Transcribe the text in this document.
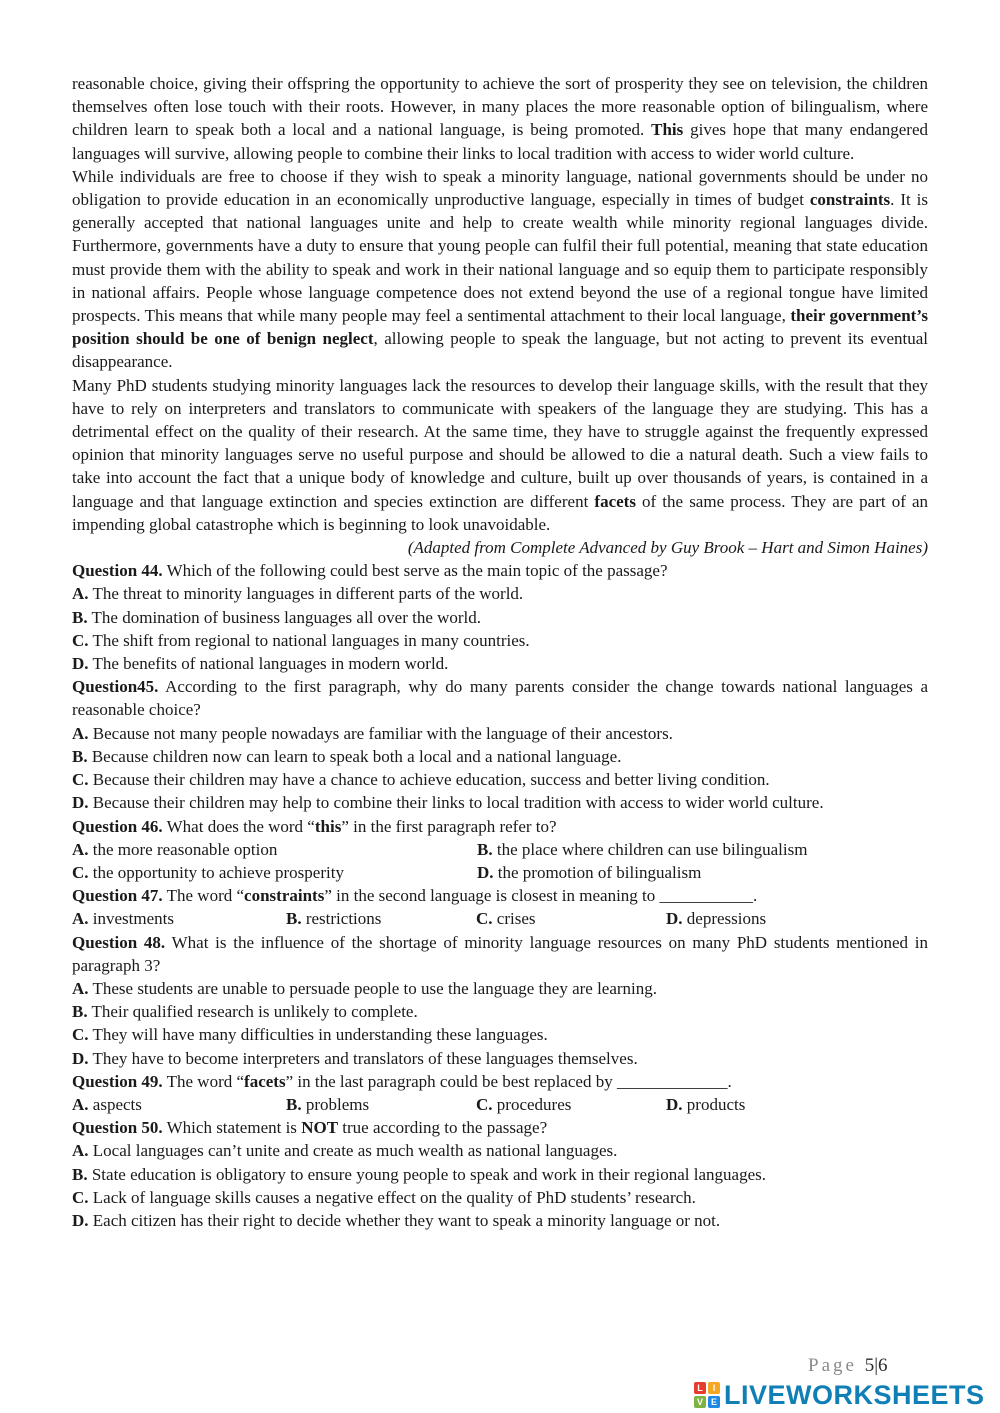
reasonable choice, giving their offspring the opportunity to achieve the sort of prosperity they see on television, the children themselves often lose touch with their roots. However, in many places the more reasonable option of bilingualism, where children learn to speak both a local and a national language, is being promoted. This gives hope that many endangered languages will survive, allowing people to combine their links to local tradition with access to wider world culture.

While individuals are free to choose if they wish to speak a minority language, national governments should be under no obligation to provide education in an economically unproductive language, especially in times of budget constraints. It is generally accepted that national languages unite and help to create wealth while minority regional languages divide. Furthermore, governments have a duty to ensure that young people can fulfil their full potential, meaning that state education must provide them with the ability to speak and work in their national language and so equip them to participate responsibly in national affairs. People whose language competence does not extend beyond the use of a regional tongue have limited prospects. This means that while many people may feel a sentimental attachment to their local language, their government’s position should be one of benign neglect, allowing people to speak the language, but not acting to prevent its eventual disappearance.

Many PhD students studying minority languages lack the resources to develop their language skills, with the result that they have to rely on interpreters and translators to communicate with speakers of the language they are studying. This has a detrimental effect on the quality of their research. At the same time, they have to struggle against the frequently expressed opinion that minority languages serve no useful purpose and should be allowed to die a natural death. Such a view fails to take into account the fact that a unique body of knowledge and culture, built up over thousands of years, is contained in a language and that language extinction and species extinction are different facets of the same process. They are part of an impending global catastrophe which is beginning to look unavoidable.

(Adapted from Complete Advanced by Guy Brook – Hart and Simon Haines)

Question 44. Which of the following could best serve as the main topic of the passage?

A. The threat to minority languages in different parts of the world.

B. The domination of business languages all over the world.

C. The shift from regional to national languages in many countries.

D. The benefits of national languages in modern world.

Question45. According to the first paragraph, why do many parents consider the change towards national languages a reasonable choice?

A. Because not many people nowadays are familiar with the language of their ancestors.

B. Because children now can learn to speak both a local and a national language.

C. Because their children may have a chance to achieve education, success and better living condition.

D. Because their children may help to combine their links to local tradition with access to wider world culture.

Question 46. What does the word “this” in the first paragraph refer to?

A. the more reasonable option	B. the place where children can use bilingualism

C. the opportunity to achieve prosperity	D. the promotion of bilingualism

Question 47. The word “constraints” in the second language is closest in meaning to ___________.

A. investments	B. restrictions	C. crises	D. depressions

Question 48. What is the influence of the shortage of minority language resources on many PhD students mentioned in paragraph 3?

A. These students are unable to persuade people to use the language they are learning.

B. Their qualified research is unlikely to complete.

C. They will have many difficulties in understanding these languages.

D. They have to become interpreters and translators of these languages themselves.

Question 49. The word “facets” in the last paragraph could be best replaced by _____________.

A. aspects	B. problems	C. procedures	D. products

Question 50. Which statement is NOT true according to the passage?

A. Local languages can’t unite and create as much wealth as national languages.

B. State education is obligatory to ensure young people to speak and work in their regional languages.

C. Lack of language skills causes a negative effect on the quality of PhD students’ research.

D. Each citizen has their right to decide whether they want to speak a minority language or not.

Page 5|6
L	I
V E LIVEWORKSHEETS
